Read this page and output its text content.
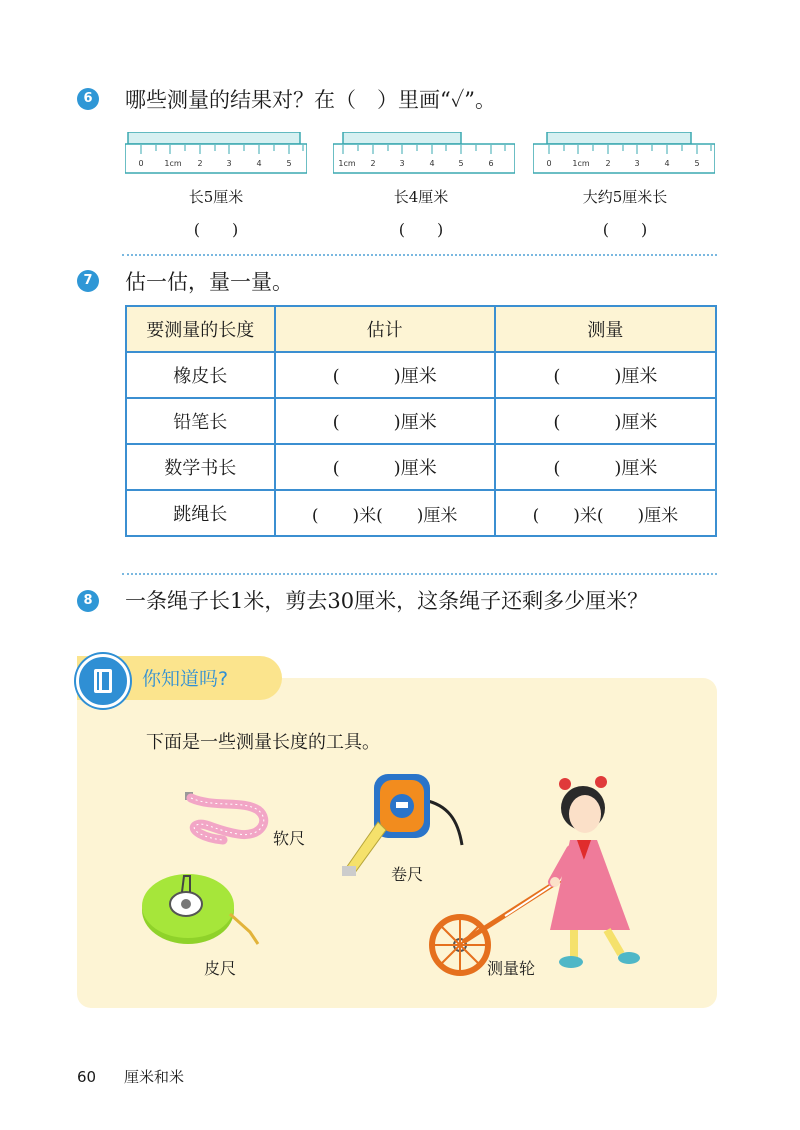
6	哪些测量的结果对？在（　）里画“✓”。
0	1cm 2	3	4	5
长5厘米
(　　)
1cm 2	3	4	5	6
长4厘米
(　　)
0	1cm 2	3	4	5
大约5厘米长
(　　)
7	估一估，量一量。
要测量的长度	估计	测量
橡皮长	(　　　)厘米	(　　　)厘米
铅笔长	(　　　)厘米	(　　　)厘米
数学书长	(　　　)厘米	(　　　)厘米
跳绳长	(　　)米(　　)厘米	(　　)米(　　)厘米
8	一条绳子长1米，剪去30厘米，这条绳子还剩多少厘米？
你知道吗?
下面是一些测量长度的工具。
软尺
卷尺
皮尺	测量轮
60 厘米和米
